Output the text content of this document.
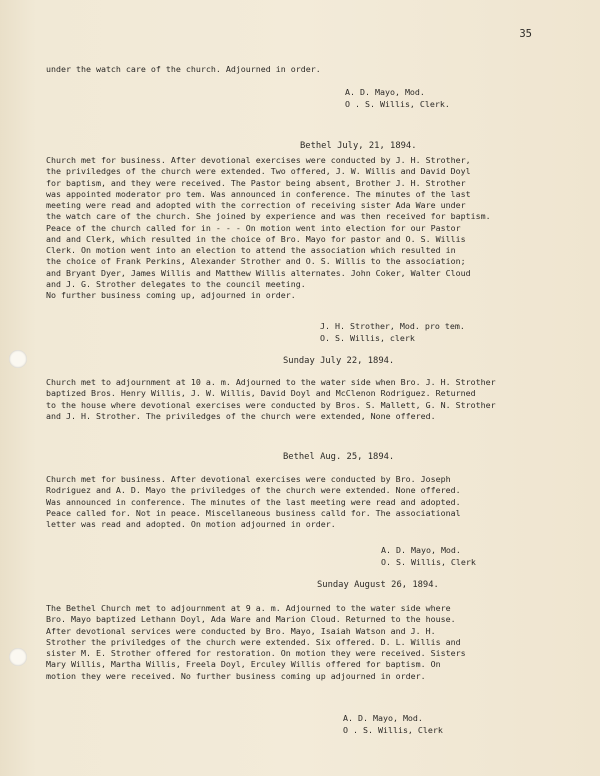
35
under the watch care of the church. Adjourned in order.
A. D. Mayo, Mod.
O . S. Willis, Clerk.
Bethel July, 21, 1894.
Church met for business. After devotional exercises were conducted by J. H. Strother,
the priviledges of the church were extended. Two offered, J. W. Willis and David Doyl
for baptism, and they were received. The Pastor being absent, Brother J. H. Strother
was appointed moderator pro tem. Was announced in conference. The minutes of the last
meeting were read and adopted with the correction of receiving sister Ada Ware under
the watch care of the church. She joined by experience and was then received for baptism.
Peace of the church called for in - - - On motion went into election for our Pastor
and and Clerk, which resulted in the choice of Bro. Mayo for pastor and O. S. Willis
Clerk. On motion went into an election to attend the association which resulted in
the choice of Frank Perkins, Alexander Strother and O. S. Willis to the association;
and Bryant Dyer, James Willis and Matthew Willis alternates. John Coker, Walter Cloud
and J. G. Strother delegates to the council meeting.
No further business coming up, adjourned in order.
J. H. Strother, Mod. pro tem.
O. S. Willis, clerk
Sunday July 22, 1894.
Church met to adjournment at 10 a. m. Adjourned to the water side when Bro. J. H. Strother
baptized Bros. Henry Willis, J. W. Willis, David Doyl and McClenon Rodriguez. Returned
to the house where devotional exercises were conducted by Bros. S. Mallett, G. N. Strother
and J. H. Strother. The priviledges of the church were extended, None offered.
Bethel Aug. 25, 1894.
Church met for business. After devotional exercises were conducted by Bro. Joseph
Rodriguez and A. D. Mayo the priviledges of the church were extended. None offered.
Was announced in conference. The minutes of the last meeting were read and adopted.
Peace called for. Not in peace. Miscellaneous business calld for. The associational
letter was read and adopted. On motion adjourned in order.
A. D. Mayo, Mod.
O. S. Willis, Clerk
Sunday August 26, 1894.
The Bethel Church met to adjournment at 9 a. m. Adjourned to the water side where
Bro. Mayo baptized Lethann Doyl, Ada Ware and Marion Cloud. Returned to the house.
After devotional services were conducted by Bro. Mayo, Isaiah Watson and J. H.
Strother the priviledges of the church were extended. Six offered. D. L. Willis and
sister M. E. Strother offered for restoration. On motion they were received. Sisters
Mary Willis, Martha Willis, Freela Doyl, Erculey Willis offered for baptism. On
motion they were received. No further business coming up adjourned in order.
A. D. Mayo, Mod.
O . S. Willis, Clerk
